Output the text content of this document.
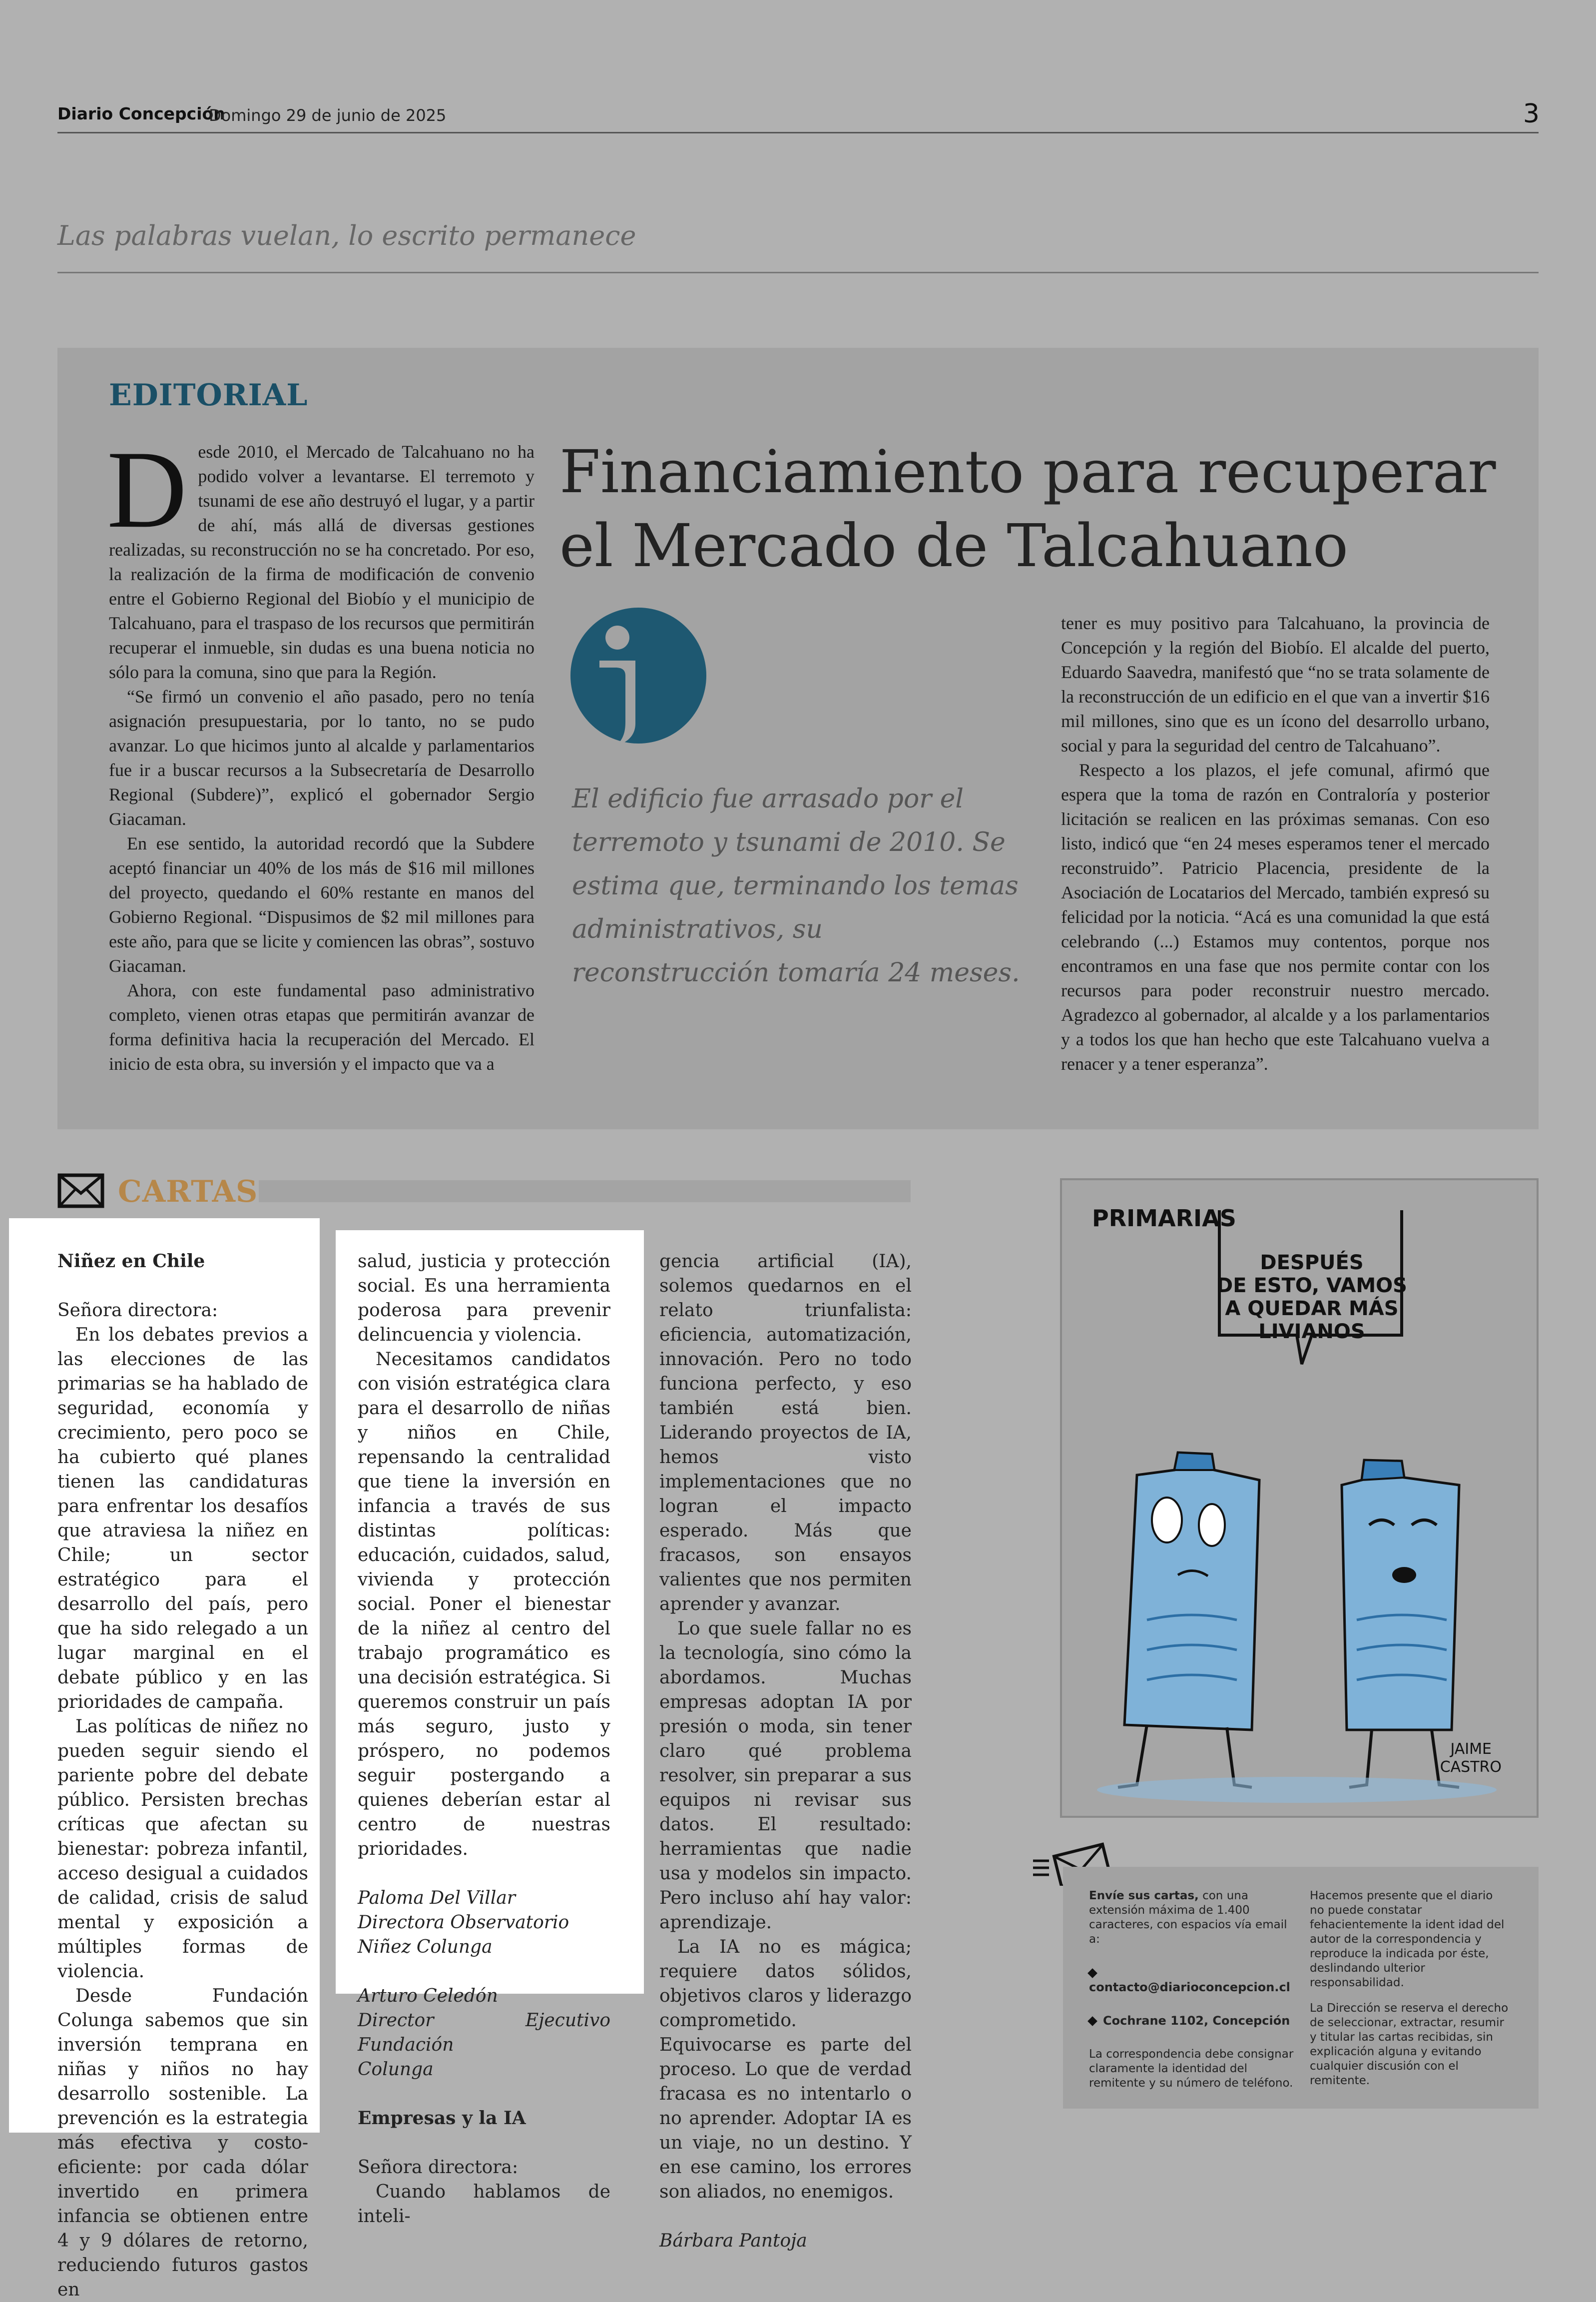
Diario Concepción
Domingo 29 de junio de 2025	3
Las palabras vuelan, lo escrito permanece
EDITORIAL
D esde 2010, el Mercado de Talcahuano no ha podido volver a levantarse. El terremoto y tsunami de ese año destruyó el lugar, y a partir de ahí, más allá de diversas gestiones realizadas, su reconstrucción no se ha concretado. Por eso, la realización de la firma de modificación de convenio entre el Gobierno Regional del Biobío y el municipio de Talcahuano, para el traspaso de los recursos que permitirán recuperar el inmueble, sin dudas es una buena noticia no sólo para la comuna, sino que para la Región.

“Se firmó un convenio el año pasado, pero no tenía asignación presupuestaria, por lo tanto, no se pudo avanzar. Lo que hicimos junto al alcalde y parlamentarios fue ir a buscar recursos a la Subsecretaría de Desarrollo Regional (Subdere)”, explicó el gobernador Sergio Giacaman.

En ese sentido, la autoridad recordó que la Subdere aceptó financiar un 40% de los más de $16 mil millones del proyecto, quedando el 60% restante en manos del Gobierno Regional. “Dispusimos de $2 mil millones para este año, para que se licite y comiencen las obras”, sostuvo Giacaman.

Ahora, con este fundamental paso administrativo completo, vienen otras etapas que permitirán avanzar de forma definitiva hacia la recuperación del Mercado. El inicio de esta obra, su inversión y el impacto que va a

Financiamiento para recuperar
el Mercado de Talcahuano
El edificio fue arrasado por el terremoto y tsunami de 2010. Se estima que, terminando los temas administrativos, su reconstrucción tomaría 24 meses.

tener es muy positivo para Talcahuano, la provincia de Concepción y la región del Biobío. El alcalde del puerto, Eduardo Saavedra, manifestó que “no se trata solamente de la reconstrucción de un edificio en el que van a invertir $16 mil millones, sino que es un ícono del desarrollo urbano, social y para la seguridad del centro de Talcahuano”.

Respecto a los plazos, el jefe comunal, afirmó que espera que la toma de razón en Contraloría y posterior licitación se realicen en las próximas semanas. Con eso listo, indicó que “en 24 meses esperamos tener el mercado reconstruido”. Patricio Placencia, presidente de la Asociación de Locatarios del Mercado, también expresó su felicidad por la noticia. “Acá es una comunidad la que está celebrando (...) Estamos muy contentos, porque nos encontramos en una fase que nos permite contar con los recursos para poder reconstruir nuestro mercado. Agradezco al gobernador, al alcalde y a los parlamentarios y a todos los que han hecho que este Talcahuano vuelva a renacer y a tener esperanza”.

CARTAS

Niñez en Chile

Señora directora:

En los debates previos a las elecciones de las primarias se ha hablado de seguridad, economía y crecimiento, pero poco se ha cubierto qué planes tienen las candidaturas para enfrentar los desafíos que atraviesa la niñez en Chile; un sector estratégico para el desarrollo del país, pero que ha sido relegado a un lugar marginal en el debate público y en las prioridades de campaña.

Las políticas de niñez no pueden seguir siendo el pariente pobre del debate público. Persisten brechas críticas que afectan su bienestar: pobreza infantil, acceso desigual a cuidados de calidad, crisis de salud mental y exposición a múltiples formas de violencia.

Desde Fundación Colunga sabemos que sin inversión temprana en niñas y niños no hay desarrollo sostenible. La prevención es la estrategia más efectiva y costo-eficiente: por cada dólar invertido en primera infancia se obtienen entre 4 y 9 dólares de retorno, reduciendo futuros gastos en

salud, justicia y protección social. Es una herramienta poderosa para prevenir delincuencia y violencia.

Necesitamos candidatos con visión estratégica clara para el desarrollo de niñas y niños en Chile, repensando la centralidad que tiene la inversión en infancia a través de sus distintas políticas: educación, cuidados, salud, vivienda y protección social. Poner el bienestar de la niñez al centro del trabajo programático es una decisión estratégica. Si queremos construir un país más seguro, justo y próspero, no podemos seguir postergando a quienes deberían estar al centro de nuestras prioridades.

Paloma Del Villar

Directora Observatorio

Niñez Colunga

Arturo Celedón

Director Ejecutivo Fundación

Colunga

Empresas y la IA

Señora directora:

Cuando hablamos de inteli-

gencia artificial (IA), solemos quedarnos en el relato triunfalista: eficiencia, automatización, innovación. Pero no todo funciona perfecto, y eso también está bien. Liderando proyectos de IA, hemos visto implementaciones que no logran el impacto esperado. Más que fracasos, son ensayos valientes que nos permiten aprender y avanzar.

Lo que suele fallar no es la tecnología, sino cómo la abordamos. Muchas empresas adoptan IA por presión o moda, sin tener claro qué problema resolver, sin preparar a sus equipos ni revisar sus datos. El resultado: herramientas que nadie usa y modelos sin impacto. Pero incluso ahí hay valor: aprendizaje.

La IA no es mágica; requiere datos sólidos, objetivos claros y liderazgo comprometido. Equivocarse es parte del proceso. Lo que de verdad fracasa es no intentarlo o no aprender. Adoptar IA es un viaje, no un destino. Y en ese camino, los errores son aliados, no enemigos.

Bárbara Pantoja

PRIMARIAS
DESPUÉS
DE ESTO, VAMOS
A QUEDAR MÁS
LIVIANOS
JAIME
CASTRO
Envíe sus cartas, con una extensión máxima de 1.400 caracteres, con espacios vía email a:
contacto@diarioconcepcion.cl
Cochrane 1102, Concepción
La correspondencia debe consignar claramente la identidad del remitente y su número de teléfono.
Hacemos presente que el diario no puede constatar fehacientemente la ident idad del autor de la correspondencia y reproduce la indicada por éste, deslindando ulterior responsabilidad.
La Dirección se reserva el derecho de seleccionar, extractar, resumir y titular las cartas recibidas, sin explicación alguna y evitando cualquier discusión con el remitente.
